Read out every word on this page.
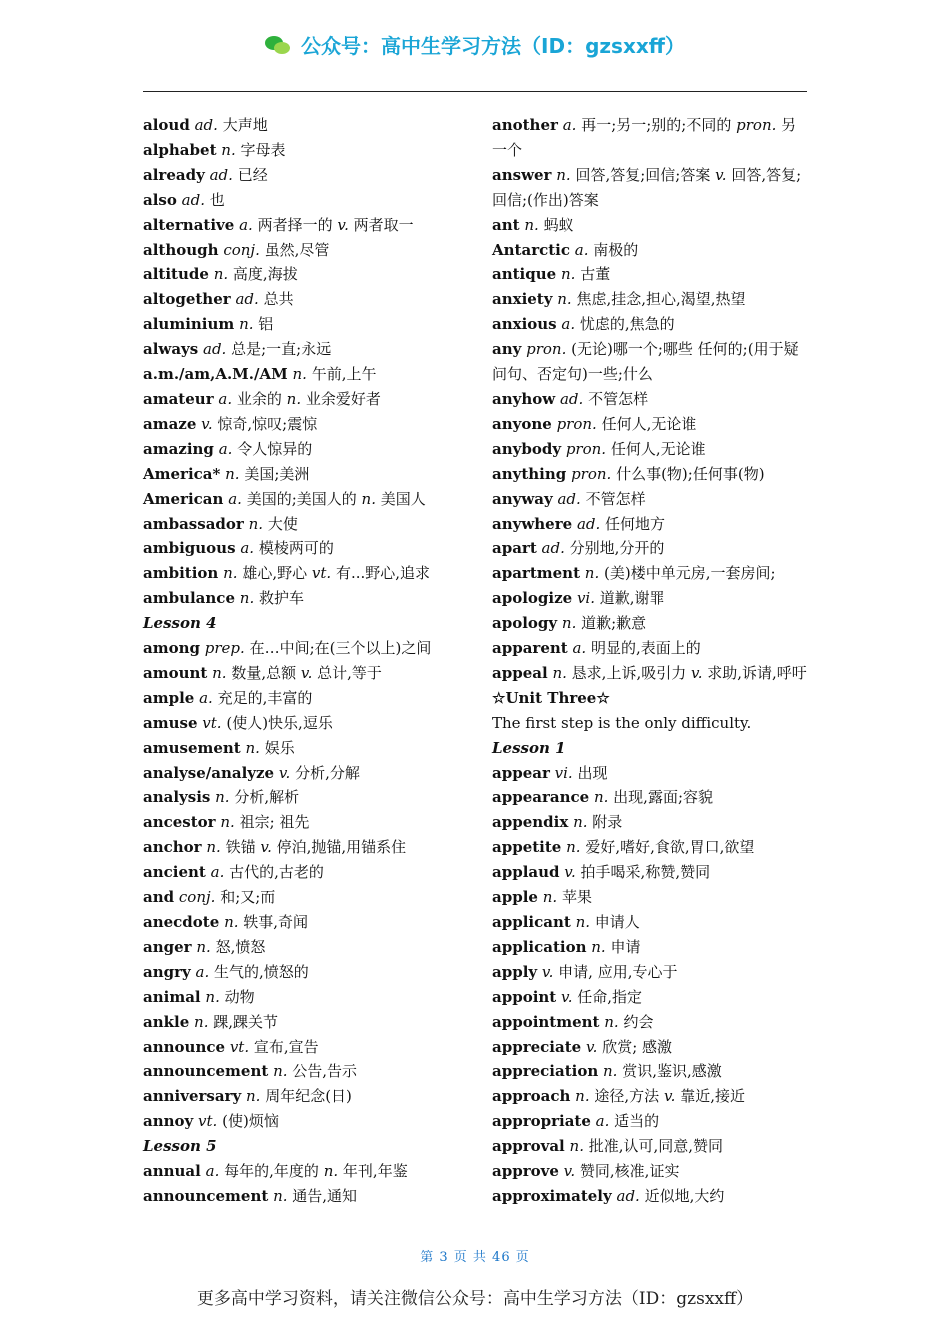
公众号：高中生学习方法（ID：gzsxxff）
aloud ad. 大声地
alphabet n. 字母表
already ad. 已经
also ad. 也
alternative a. 两者择一的 v. 两者取一
although conj. 虽然,尽管
altitude n. 高度,海拔
altogether ad. 总共
aluminium n. 铝
always ad. 总是;一直;永远
a.m./am,A.M./AM n. 午前,上午
amateur a. 业余的 n. 业余爱好者
amaze v. 惊奇,惊叹;震惊
amazing a. 令人惊异的
America* n. 美国;美洲
American a. 美国的;美国人的 n. 美国人
ambassador n. 大使
ambiguous a. 模棱两可的
ambition n. 雄心,野心 vt. 有...野心,追求
ambulance n. 救护车
Lesson 4
among prep. 在…中间;在(三个以上)之间
amount n. 数量,总额 v. 总计,等于
ample a. 充足的,丰富的
amuse vt. (使人)快乐,逗乐
amusement n. 娱乐
analyse/analyze v. 分析,分解
analysis n. 分析,解析
ancestor n. 祖宗; 祖先
anchor n. 铁锚 v. 停泊,抛锚,用锚系住
ancient a. 古代的,古老的
and conj. 和;又;而
anecdote n. 轶事,奇闻
anger n. 怒,愤怒
angry a. 生气的,愤怒的
animal n. 动物
ankle n. 踝,踝关节
announce vt. 宣布,宣告
announcement n. 公告,告示
anniversary n. 周年纪念(日)
annoy vt. (使)烦恼
Lesson 5
annual a. 每年的,年度的 n. 年刊,年鉴
announcement n. 通告,通知
another a. 再一;另一;别的;不同的 pron. 另一个
answer n. 回答,答复;回信;答案 v. 回答,答复;回信;(作出)答案
ant n. 蚂蚁
Antarctic a. 南极的
antique n. 古董
anxiety n. 焦虑,挂念,担心,渴望,热望
anxious a. 忧虑的,焦急的
any pron. (无论)哪一个;哪些 任何的;(用于疑问句、否定句)一些;什么
anyhow ad. 不管怎样
anyone pron. 任何人,无论谁
anybody pron. 任何人,无论谁
anything pron. 什么事(物);任何事(物)
anyway ad. 不管怎样
anywhere ad. 任何地方
apart ad. 分别地,分开的
apartment n. (美)楼中单元房,一套房间;
apologize vi. 道歉,谢罪
apology n. 道歉;歉意
apparent a. 明显的,表面上的
appeal n. 恳求,上诉,吸引力 v. 求助,诉请,呼吁
☆Unit Three☆
The first step is the only difficulty.
Lesson 1
appear vi. 出现
appearance n. 出现,露面;容貌
appendix n. 附录
appetite n. 爱好,嗜好,食欲,胃口,欲望
applaud v. 拍手喝采,称赞,赞同
apple n. 苹果
applicant n. 申请人
application n. 申请
apply v. 申请, 应用,专心于
appoint v. 任命,指定
appointment n. 约会
appreciate v. 欣赏; 感激
appreciation n. 赏识,鉴识,感激
approach n. 途径,方法 v. 靠近,接近
appropriate a. 适当的
approval n. 批准,认可,同意,赞同
approve v. 赞同,核准,证实
approximately ad. 近似地,大约
第 3 页 共 46 页
更多高中学习资料，请关注微信公众号：高中生学习方法（ID：gzsxxff）
